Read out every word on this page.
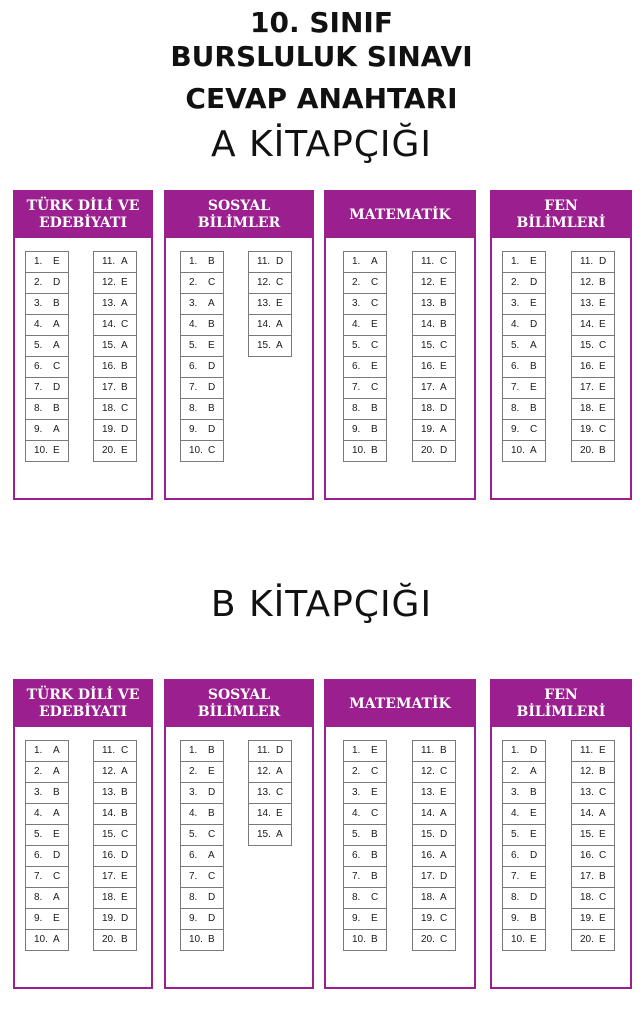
10. SINIF
BURSLULUK SINAVI
CEVAP ANAHTARI
A KİTAPÇIĞI
B KİTAPÇIĞI
TÜRK DİLİ VE
EDEBİYATI
1.	E
2.	D
3.	B
4.	A
5.	A
6.	C
7.	D
8.	B
9.	A
10. E
11. A
12. E
13. A
14. C
15. A
16. B
17. B
18. C
19. D
20. E
SOSYAL
BİLİMLER
1.	B
2.	C
3.	A
4.	B
5.	E
6.	D
7.	D
8.	B
9.	D
10. C
11. D
12. C
13. E
14. A
15. A
MATEMATİK
1.	A
2.	C
3.	C
4.	E
5.	C
6.	E
7.	C
8.	B
9.	B
10. B
11. C
12. E
13. B
14. B
15. C
16. E
17. A
18. D
19. A
20. D
FEN
BİLİMLERİ
1.	E
2.	D
3.	E
4.	D
5.	A
6.	B
7.	E
8.	B
9.	C
10. A
11. D
12. B
13. E
14. E
15. C
16. E
17. E
18. E
19. C
20. B
TÜRK DİLİ VE
EDEBİYATI
1.	A
2.	A
3.	B
4.	A
5.	E
6.	D
7.	C
8.	A
9.	E
10. A
11. C
12. A
13. B
14. B
15. C
16. D
17. E
18. E
19. D
20. B
SOSYAL
BİLİMLER
1.	B
2.	E
3.	D
4.	B
5.	C
6.	A
7.	C
8.	D
9.	D
10. B
11. D
12. A
13. C
14. E
15. A
MATEMATİK
1.	E
2.	C
3.	E
4.	C
5.	B
6.	B
7.	B
8.	C
9.	E
10. B
11. B
12. C
13. E
14. A
15. D
16. A
17. D
18. A
19. C
20. C
FEN
BİLİMLERİ
1.	D
2.	A
3.	B
4.	E
5.	E
6.	D
7.	E
8.	D
9.	B
10. E
11. E
12. B
13. C
14. A
15. E
16. C
17. B
18. C
19. E
20. E
